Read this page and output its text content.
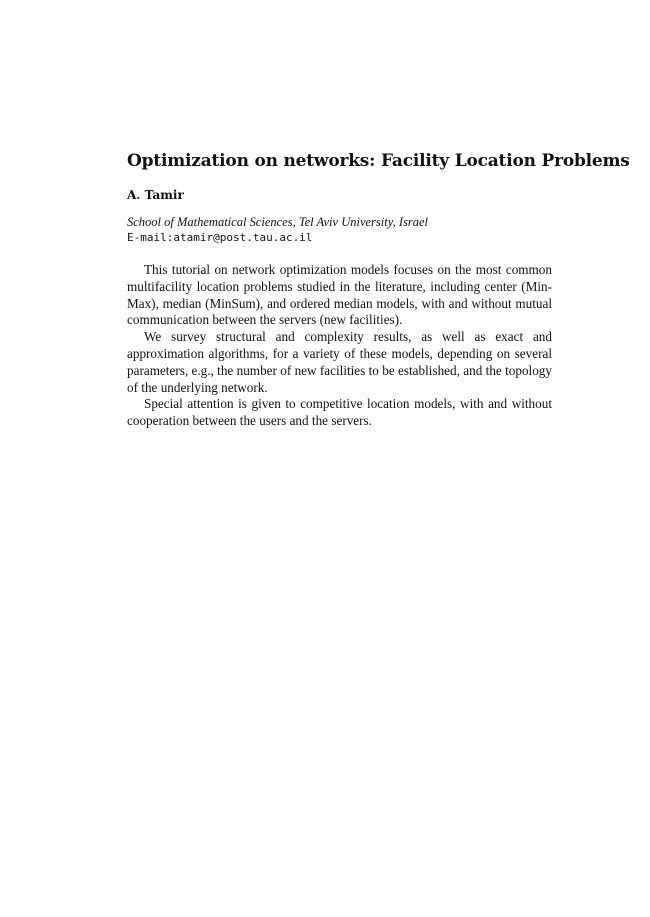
Optimization on networks: Facility Location Problems
A. Tamir
School of Mathematical Sciences, Tel Aviv University, Israel
E-mail:atamir@post.tau.ac.il

This tutorial on network optimization models focuses on the most common multifacility location problems studied in the literature, including center (Min-Max), median (MinSum), and ordered median models, with and without mutual communication between the servers (new facilities).

We survey structural and complexity results, as well as exact and approximation algorithms, for a variety of these models, depending on several parameters, e.g., the number of new facilities to be established, and the topology of the underlying network.

Special attention is given to competitive location models, with and without cooperation between the users and the servers.
